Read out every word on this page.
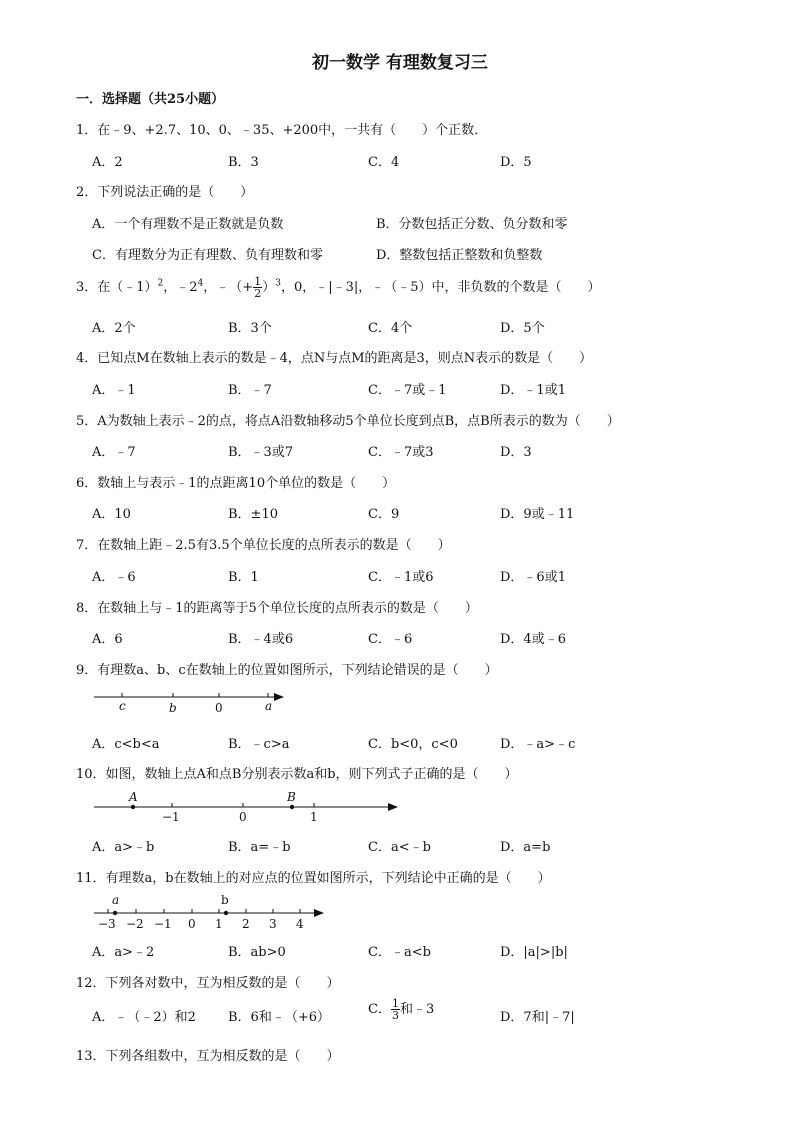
初一数学 有理数复习三
一．选择题（共25小题）
1．在﹣9、+2.7、10、0、﹣35、+200中，一共有（　　）个正数．
A．2	B．3	C．4	D．5
2．下列说法正确的是（　　）
A．一个有理数不是正数就是负数	B．分数包括正分数、负分数和零
C．有理数分为正有理数、负有理数和零	D．整数包括正整数和负整数
3．在（﹣1）$^2$，$﹣2^4$，﹣（+ $\frac{1}{2} )^3$，0，﹣|﹣3|，﹣（﹣5）中，非负数的个数是（　　）
A．2个	B．3个	C．4个	D．5个
4．已知点M在数轴上表示的数是﹣4，点N与点M的距离是3，则点N表示的数是（　　）
A．﹣1	B．﹣7	C．﹣7或﹣1	D．﹣1或1
5．A为数轴上表示﹣2的点，将点A沿数轴移动5个单位长度到点B，点B所表示的数为（　　）
A．﹣7	B．﹣3或7	C．﹣7或3	D．3
6．数轴上与表示﹣1的点距离10个单位的数是（　　）
A．10	B．±10	C．9	D．9或﹣11
7．在数轴上距﹣2.5有3.5个单位长度的点所表示的数是（　　）
A．﹣6	B．1	C．﹣1或6	D．﹣6或1
8．在数轴上与﹣1的距离等于5个单位长度的点所表示的数是（　　）
A．6	B．﹣4或6	C．﹣6	D．4或﹣6
9．有理数a、b、c在数轴上的位置如图所示，下列结论错误的是（　　）
c	b	0	a
A．c<b<a	B．﹣c>a	C．b<0，c<0	D．﹣a>﹣c
10．如图，数轴上点A和点B分别表示数a和b，则下列式子正确的是（　　）
A	B
−1	0	1
A．a>﹣b	B．a=﹣b	C．a<﹣b	D．a=b
11．有理数a，b在数轴上的对应点的位置如图所示，下列结论中正确的是（　　）
a	b
−3 −2 −1 0 1 2 3 4
A．a>﹣2	B．ab>0	C．﹣a<b	D．|a|>|b|
12．下列各对数中，互为相反数的是（　　）
A．﹣（﹣2）和2 B．6和﹣（+6）
C． $\frac{1}{3}$ 和﹣3
D．7和|﹣7|
13．下列各组数中，互为相反数的是（　　）
